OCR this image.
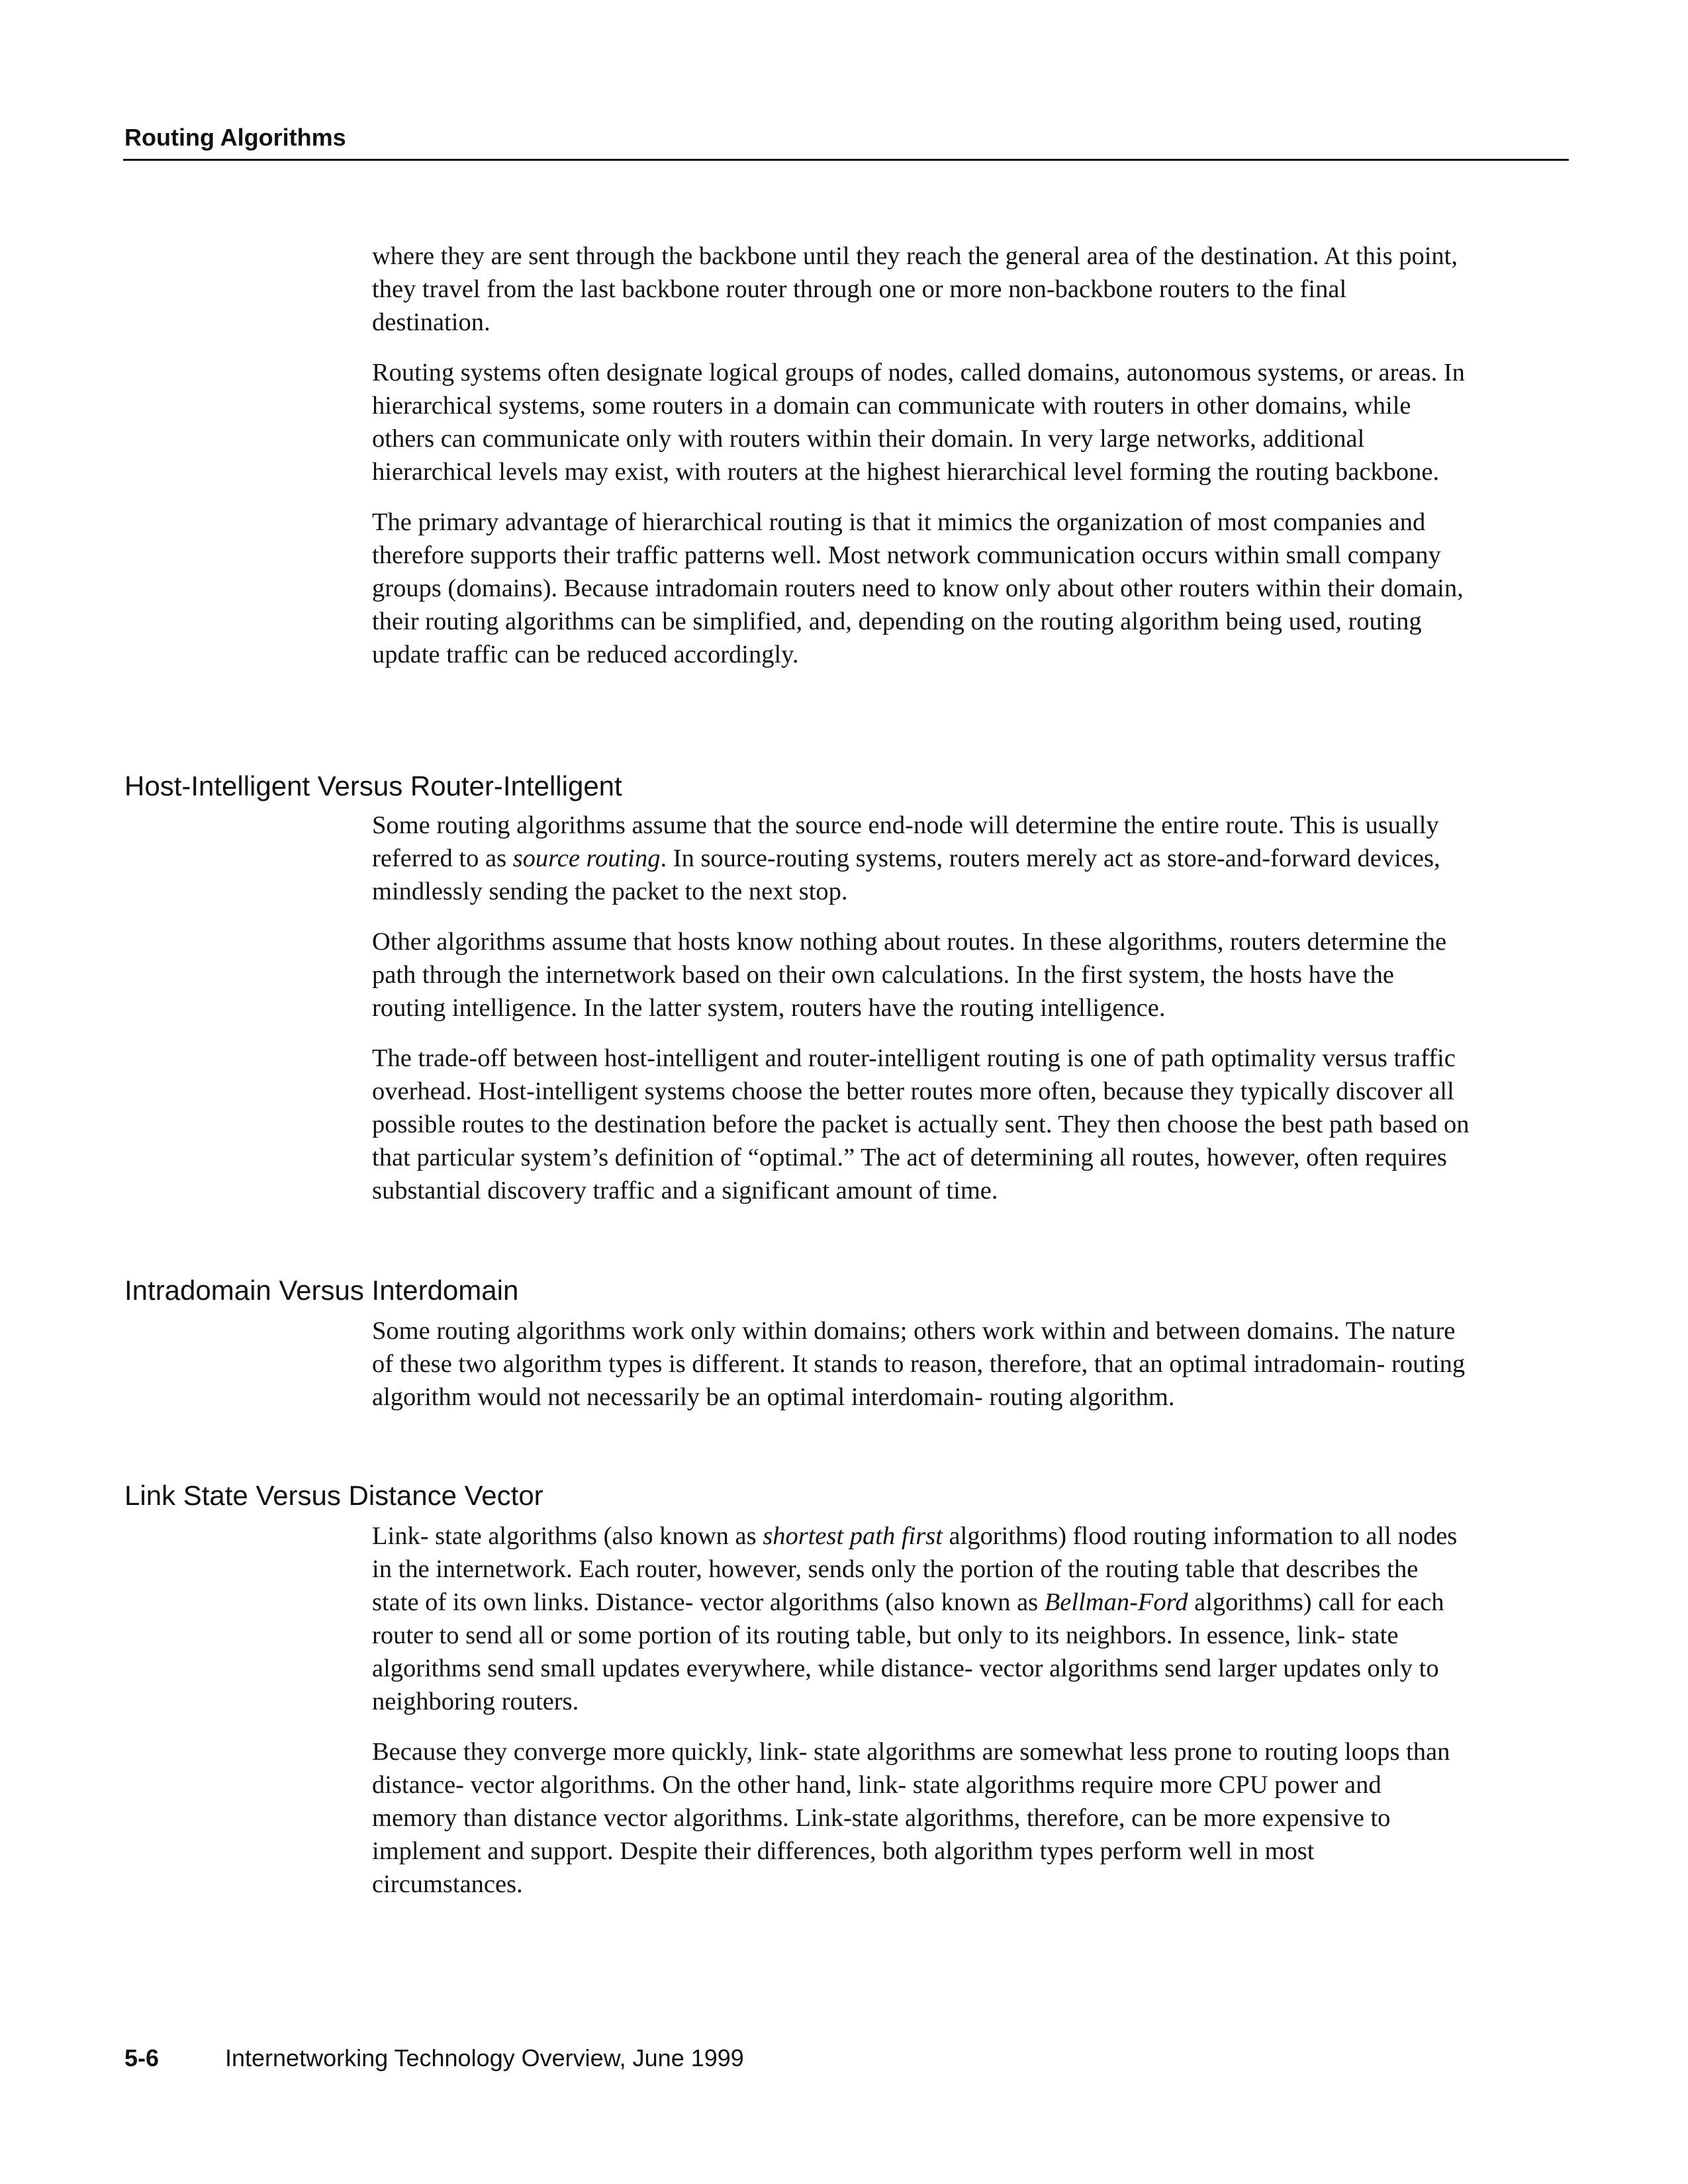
Routing Algorithms

where they are sent through the backbone until they reach the general area of the destination. At this point, they travel from the last backbone router through one or more non-backbone routers to the final destination.

Routing systems often designate logical groups of nodes, called domains, autonomous systems, or areas. In hierarchical systems, some routers in a domain can communicate with routers in other domains, while others can communicate only with routers within their domain. In very large networks, additional hierarchical levels may exist, with routers at the highest hierarchical level forming the routing backbone.

The primary advantage of hierarchical routing is that it mimics the organization of most companies and therefore supports their traffic patterns well. Most network communication occurs within small company groups (domains). Because intradomain routers need to know only about other routers within their domain, their routing algorithms can be simplified, and, depending on the routing algorithm being used, routing update traffic can be reduced accordingly.

Host-Intelligent Versus Router-Intelligent

Some routing algorithms assume that the source end-node will determine the entire route. This is usually referred to as source routing. In source-routing systems, routers merely act as store-and-forward devices, mindlessly sending the packet to the next stop.

Other algorithms assume that hosts know nothing about routes. In these algorithms, routers determine the path through the internetwork based on their own calculations. In the first system, the hosts have the routing intelligence. In the latter system, routers have the routing intelligence.

The trade-off between host-intelligent and router-intelligent routing is one of path optimality versus traffic overhead. Host-intelligent systems choose the better routes more often, because they typically discover all possible routes to the destination before the packet is actually sent. They then choose the best path based on that particular system’s definition of “optimal.” The act of determining all routes, however, often requires substantial discovery traffic and a significant amount of time.

Intradomain Versus Interdomain

Some routing algorithms work only within domains; others work within and between domains. The nature of these two algorithm types is different. It stands to reason, therefore, that an optimal intradomain- routing algorithm would not necessarily be an optimal interdomain- routing algorithm.

Link State Versus Distance Vector

Link- state algorithms (also known as shortest path first algorithms) flood routing information to all nodes in the internetwork. Each router, however, sends only the portion of the routing table that describes the state of its own links. Distance- vector algorithms (also known as Bellman-Ford algorithms) call for each router to send all or some portion of its routing table, but only to its neighbors. In essence, link- state algorithms send small updates everywhere, while distance- vector algorithms send larger updates only to neighboring routers.

Because they converge more quickly, link- state algorithms are somewhat less prone to routing loops than distance- vector algorithms. On the other hand, link- state algorithms require more CPU power and memory than distance vector algorithms. Link-state algorithms, therefore, can be more expensive to implement and support. Despite their differences, both algorithm types perform well in most circumstances.

5-6	Internetworking Technology Overview, June 1999
